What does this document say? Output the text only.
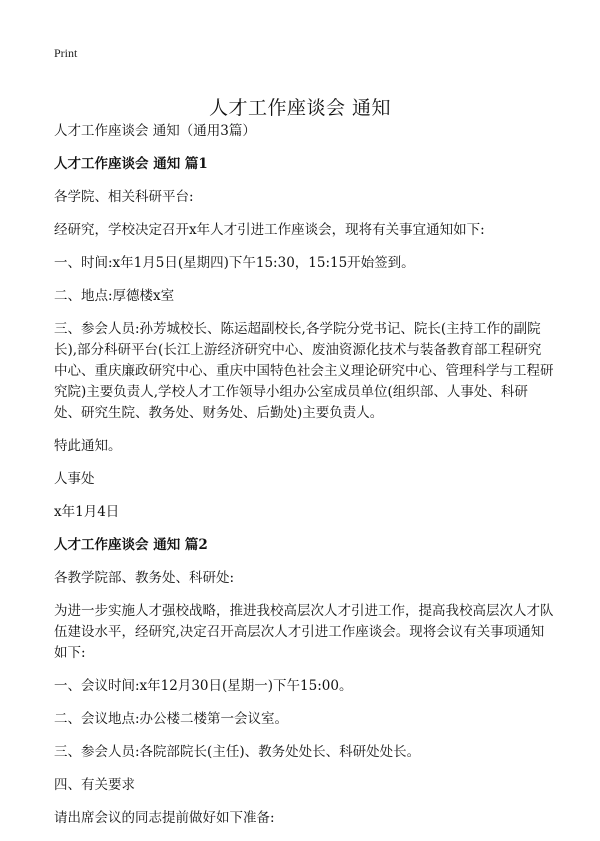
Print
人才工作座谈会 通知

人才工作座谈会 通知（通用3篇）

人才工作座谈会 通知 篇1

各学院、相关科研平台:

经研究，学校决定召开x年人才引进工作座谈会，现将有关事宜通知如下:

一、时间:x年1月5日(星期四)下午15:30，15:15开始签到。

二、地点:厚德楼x室

三、参会人员:孙芳城校长、陈运超副校长,各学院分党书记、院长(主持工作的副院长),部分科研平台(长江上游经济研究中心、废油资源化技术与装备教育部工程研究中心、重庆廉政研究中心、重庆中国特色社会主义理论研究中心、管理科学与工程研究院)主要负责人,学校人才工作领导小组办公室成员单位(组织部、人事处、科研处、研究生院、教务处、财务处、后勤处)主要负责人。

特此通知。

人事处

x年1月4日

人才工作座谈会 通知 篇2

各教学院部、教务处、科研处:

为进一步实施人才强校战略，推进我校高层次人才引进工作，提高我校高层次人才队伍建设水平，经研究,决定召开高层次人才引进工作座谈会。现将会议有关事项通知如下:

一、会议时间:x年12月30日(星期一)下午15:00。

二、会议地点:办公楼二楼第一会议室。

三、参会人员:各院部院长(主任)、教务处处长、科研处处长。

四、有关要求

请出席会议的同志提前做好如下准备:
